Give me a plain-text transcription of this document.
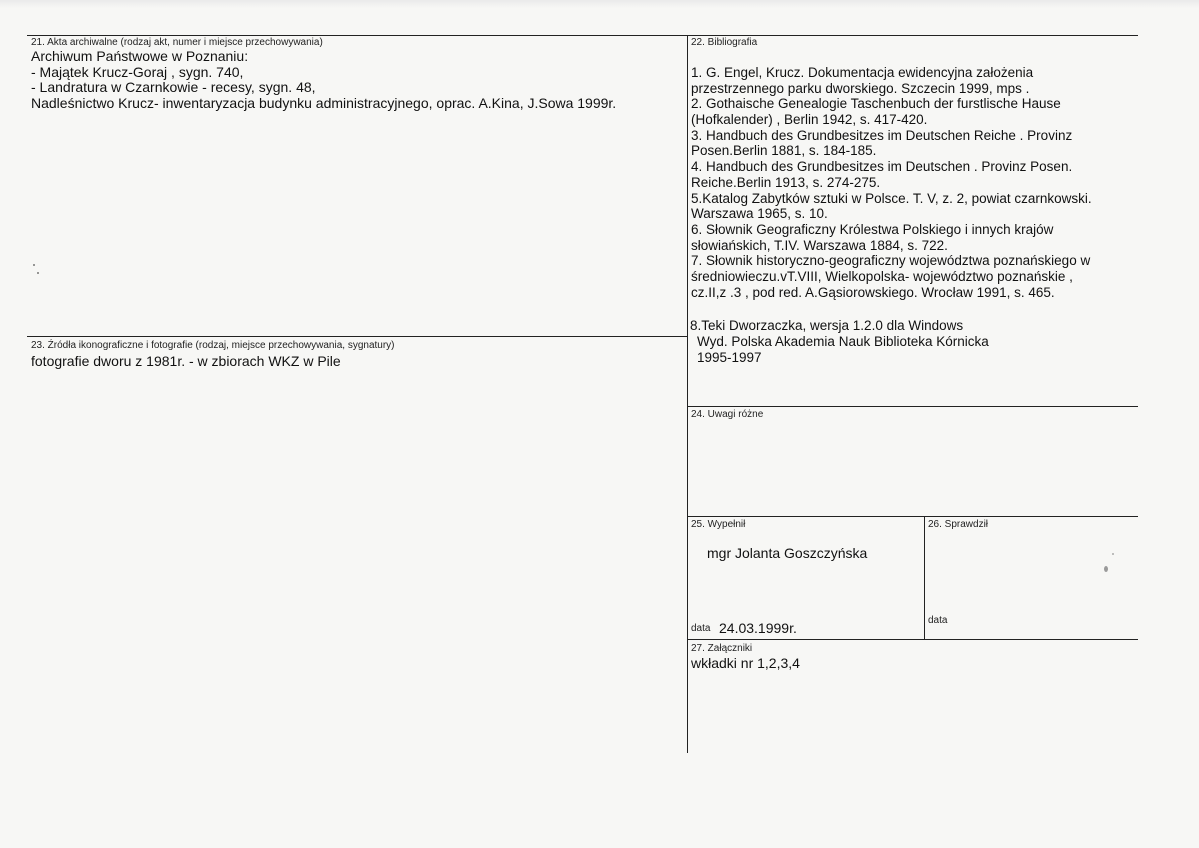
21. Akta archiwalne (rodzaj akt, numer i miejsce przechowywania)
Archiwum Państwowe w Poznaniu:
- Majątek Krucz-Goraj , sygn. 740,
- Landratura w Czarnkowie - recesy, sygn. 48,
Nadleśnictwo Krucz- inwentaryzacja budynku administracyjnego, oprac. A.Kina, J.Sowa 1999r.
22. Bibliografia
1. G. Engel, Krucz. Dokumentacja ewidencyjna założenia
przestrzennego parku dworskiego. Szczecin 1999, mps .
2. Gothaische Genealogie Taschenbuch der furstlische Hause
(Hofkalender) , Berlin 1942, s. 417-420.
3. Handbuch des Grundbesitzes im Deutschen Reiche . Provinz
Posen.Berlin 1881, s. 184-185.
4. Handbuch des Grundbesitzes im Deutschen . Provinz Posen.
Reiche.Berlin 1913, s. 274-275.
5.Katalog Zabytków sztuki w Polsce. T. V, z. 2, powiat czarnkowski.
Warszawa 1965, s. 10.
6. Słownik Geograficzny Królestwa Polskiego i innych krajów
słowiańskich, T.IV. Warszawa 1884, s. 722.
7. Słownik historyczno-geograficzny województwa poznańskiego w
średniowieczu.vT.VIII, Wielkopolska- województwo poznańskie ,
cz.II,z .3 , pod red. A.Gąsiorowskiego. Wrocław 1991, s. 465.
8.Teki Dworzaczka, wersja 1.2.0 dla Windows
Wyd. Polska Akademia Nauk Biblioteka Kórnicka
1995-1997
23. Źródła ikonograficzne i fotografie (rodzaj, miejsce przechowywania, sygnatury)
fotografie dworu z 1981r. - w zbiorach WKZ w Pile
24. Uwagi różne
25. Wypełnił
mgr Jolanta Goszczyńska
data 24.03.1999r.
26. Sprawdził
data
27. Załączniki
wkładki nr 1,2,3,4
